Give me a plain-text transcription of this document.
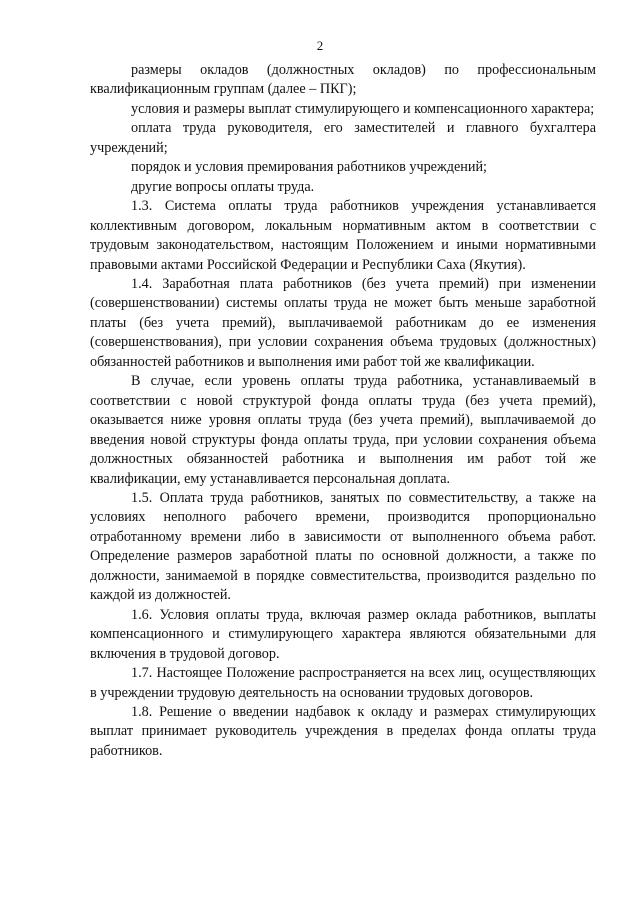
2

размеры окладов (должностных окладов) по профессиональным квалификационным группам (далее – ПКГ);

условия и размеры выплат стимулирующего и компенсационного характера;

оплата труда руководителя, его заместителей и главного бухгалтера учреждений;

порядок и условия премирования работников учреждений;

другие вопросы оплаты труда.

1.3. Система оплаты труда работников учреждения устанавливается коллективным договором, локальным нормативным актом в соответствии с трудовым законодательством, настоящим Положением и иными нормативными правовыми актами Российской Федерации и Республики Саха (Якутия).

1.4. Заработная плата работников (без учета премий) при изменении (совершенствовании) системы оплаты труда не может быть меньше заработной платы (без учета премий), выплачиваемой работникам до ее изменения (совершенствования), при условии сохранения объема трудовых (должностных) обязанностей работников и выполнения ими работ той же квалификации.

В случае, если уровень оплаты труда работника, устанавливаемый в соответствии с новой структурой фонда оплаты труда (без учета премий), оказывается ниже уровня оплаты труда (без учета премий), выплачиваемой до введения новой структуры фонда оплаты труда, при условии сохранения объема должностных обязанностей работника и выполнения им работ той же квалификации, ему устанавливается персональная доплата.

1.5. Оплата труда работников, занятых по совместительству, а также на условиях неполного рабочего времени, производится пропорционально отработанному времени либо в зависимости от выполненного объема работ. Определение размеров заработной платы по основной должности, а также по должности, занимаемой в порядке совместительства, производится раздельно по каждой из должностей.

1.6. Условия оплаты труда, включая размер оклада работников, выплаты компенсационного и стимулирующего характера являются обязательными для включения в трудовой договор.

1.7. Настоящее Положение распространяется на всех лиц, осуществляющих в учреждении трудовую деятельность на основании трудовых договоров.

1.8. Решение о введении надбавок к окладу и размерах стимулирующих выплат принимает руководитель учреждения в пределах фонда оплаты труда работников.
